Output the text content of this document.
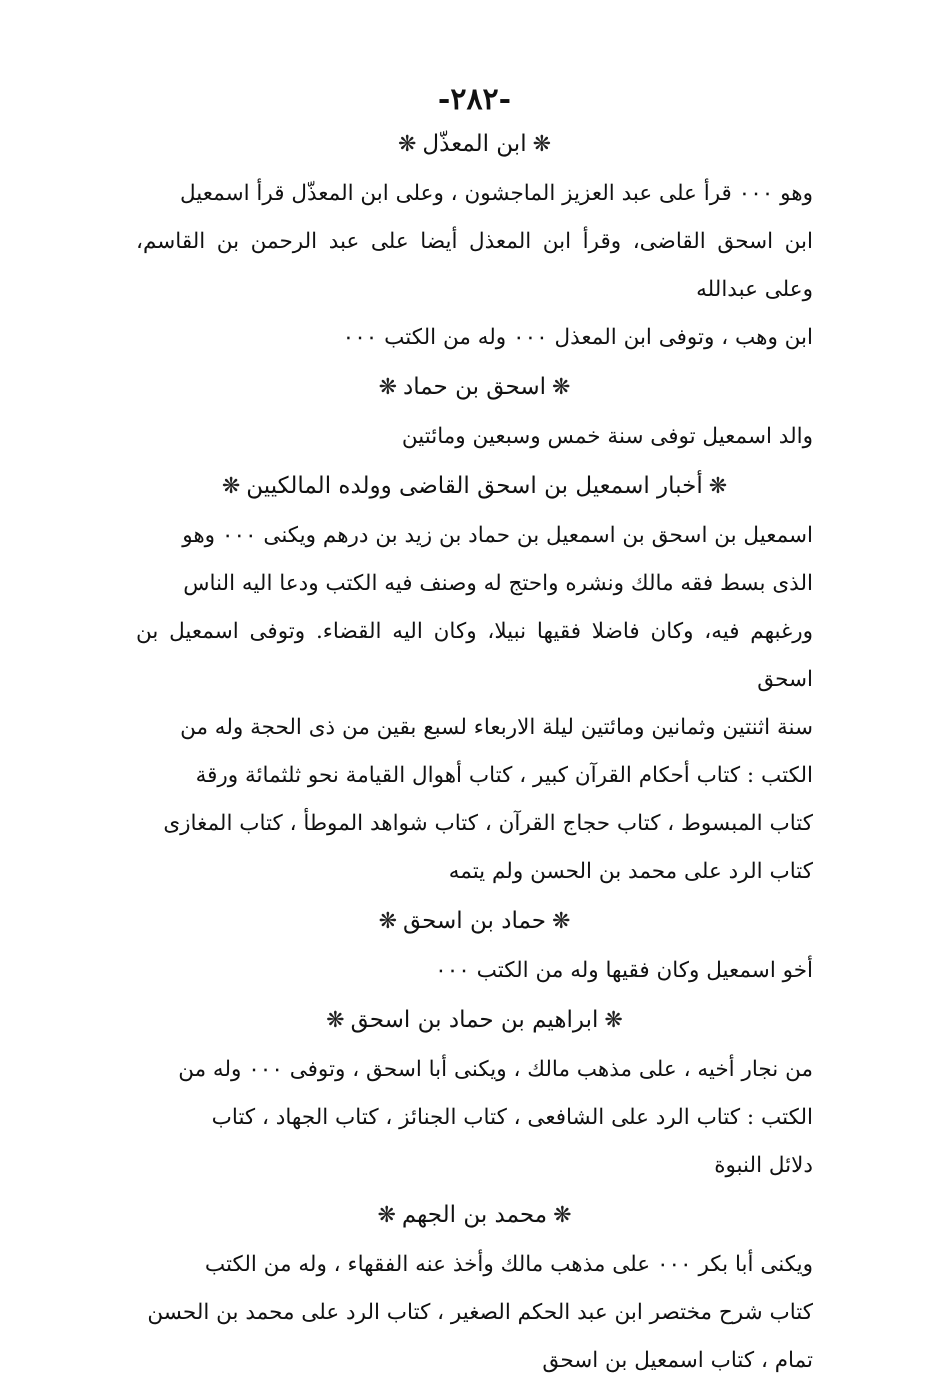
-٢٨٢-
❋ابن المعذّل❋
وهو ٠٠٠ قرأ على عبد العزيز الماجشون ، وعلى ابن المعذّل قرأ اسمعيل
ابن اسحق القاضى، وقرأ ابن المعذل أيضا على عبد الرحمن بن القاسم، وعلى عبدالله
ابن وهب ، وتوفى ابن المعذل ٠٠٠ وله من الكتب ٠٠٠
❋اسحق بن حماد❋
والد اسمعيل توفى سنة خمس وسبعين ومائتين
❋أخبار اسمعيل بن اسحق القاضى وولده المالكيين❋
اسمعيل بن اسحق بن اسمعيل بن حماد بن زيد بن درهم ويكنى ٠٠٠ وهو
الذى بسط فقه مالك ونشره واحتج له وصنف فيه الكتب ودعا اليه الناس
ورغبهم فيه، وكان فاضلا فقيها نبيلا، وكان اليه القضاء. وتوفى اسمعيل بن اسحق
سنة اثنتين وثمانين ومائتين ليلة الاربعاء لسبع بقين من ذى الحجة وله من
الكتب : كتاب أحكام القرآن كبير ، كتاب أهوال القيامة نحو ثلثمائة ورقة
كتاب المبسوط ، كتاب حجاج القرآن ، كتاب شواهد الموطأ ، كتاب المغازى
كتاب الرد على محمد بن الحسن ولم يتمه
❋حماد بن اسحق❋
أخو اسمعيل وكان فقيها وله من الكتب ٠٠٠
❋ابراهيم بن حماد بن اسحق❋
من نجار أخيه ، على مذهب مالك ، ويكنى أبا اسحق ، وتوفى ٠٠٠ وله من
الكتب : كتاب الرد على الشافعى ، كتاب الجنائز ، كتاب الجهاد ، كتاب
دلائل النبوة
❋محمد بن الجهم❋
ويكنى أبا بكر ٠٠٠ على مذهب مالك وأخذ عنه الفقهاء ، وله من الكتب
كتاب شرح مختصر ابن عبد الحكم الصغير ، كتاب الرد على محمد بن الحسن
تمام ، كتاب اسمعيل بن اسحق
